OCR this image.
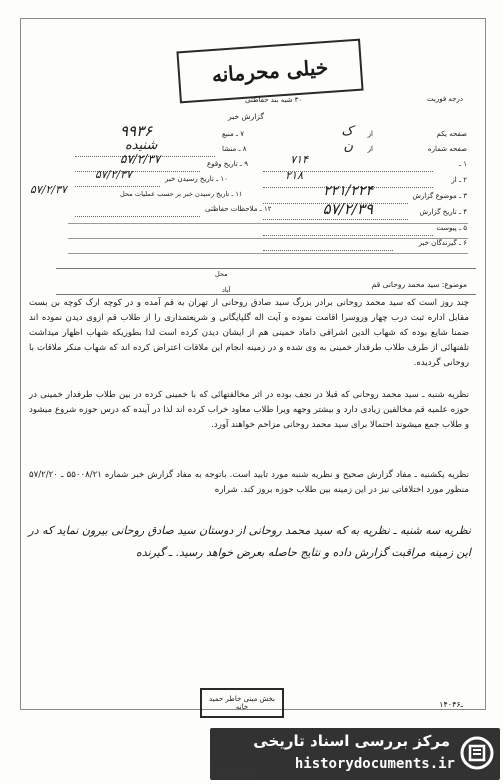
خیلی محرمانه
۳۰ شبه بند حفاظتی	درجه فوریت
گزارش خبر
صفحه یکم
از
ک
صفحه شماره
از
ن
۱ ـ
۷۱۴
۲ ـ از
۲۱۸
۳ ـ موضوع گزارش
۲۲۱/۲۲۴
۴ ـ تاریخ گزارش
۵۷/۲/۳۹
۵ ـ پیوست
۶ ـ گیرندگان خبر
۷ ـ منبع
۹۹۳۶
۸ ـ منشا
شنیده
۹ ـ تاریخ وقوع
۵۷/۲/۳۷
۱۰ ـ تاریخ رسیدن خبر
۵۷/۲/۳۷
۱۱ ـ تاریخ رسیدن خبر بر حسب عملیات محل
۵۷/۲/۳۷
۱۲ ـ ملاحظات حفاظتی
محل
موضوع: سید محمد روحانی قم
آباد
چند روز است که سید محمد روحانی برادر بزرگ سید صادق روحانی از تهران به قم آمده و در کوچه ارک کوچه بن بست مقابل اداره ثبت درب چهار وروسرا اقامت نموده و آیت اله گلپایگانی و شریعتمداری را از طلاب قم ازوی دیدن نموده اند ضمنا شایع بوده که شهاب الدین اشراقی داماد خمینی هم از ایشان دیدن کرده است لذا بطوریکه شهاب اظهار میداشت تلفنهائی از طرف طلاب طرفدار خمینی به وی شده و در زمینه انجام این ملاقات اعتراض کرده اند که شهاب منکر ملاقات با روحانی گردیده.
نظریه شنبه ـ سید محمد روحانی که قبلا در نجف بوده در اثر مخالفتهائی که با خمینی کرده در بین طلاب طرفدار خمینی در حوزه علمیه قم مخالفین زیادی دارد و بیشتر وجهه ویرا طلاب معاود خراب کرده اند لذا در آینده که درس حوزه شروع میشود و طلاب جمع میشوند احتمالا برای سید محمد روحانی مزاحم خواهند آورد.
نظریه یکشنبه ـ مفاد گزارش صحیح و نظریه شنبه مورد تایید است. باتوجه به مفاد گزارش خبر شماره ۵۵۰۰۸/۲۱ ـ ۵۷/۲/۲۰ منظور مورد اختلافاتی نیز در این زمینه بین طلاب حوزه بروز کند. شراره
نظریه سه شنبه ـ نظریه به که سید محمد روحانی از دوستان سید صادق روحانی بیرون نماید که در این زمینه مراقبت گزارش داده و نتایج حاصله بعرض خواهد رسید. ـ گیرنده
بخش مبنی خاطر حمید خانه	۱۴۰ـ۴۶
مرکز بررسی اسناد تاریخی
historydocuments.ir
